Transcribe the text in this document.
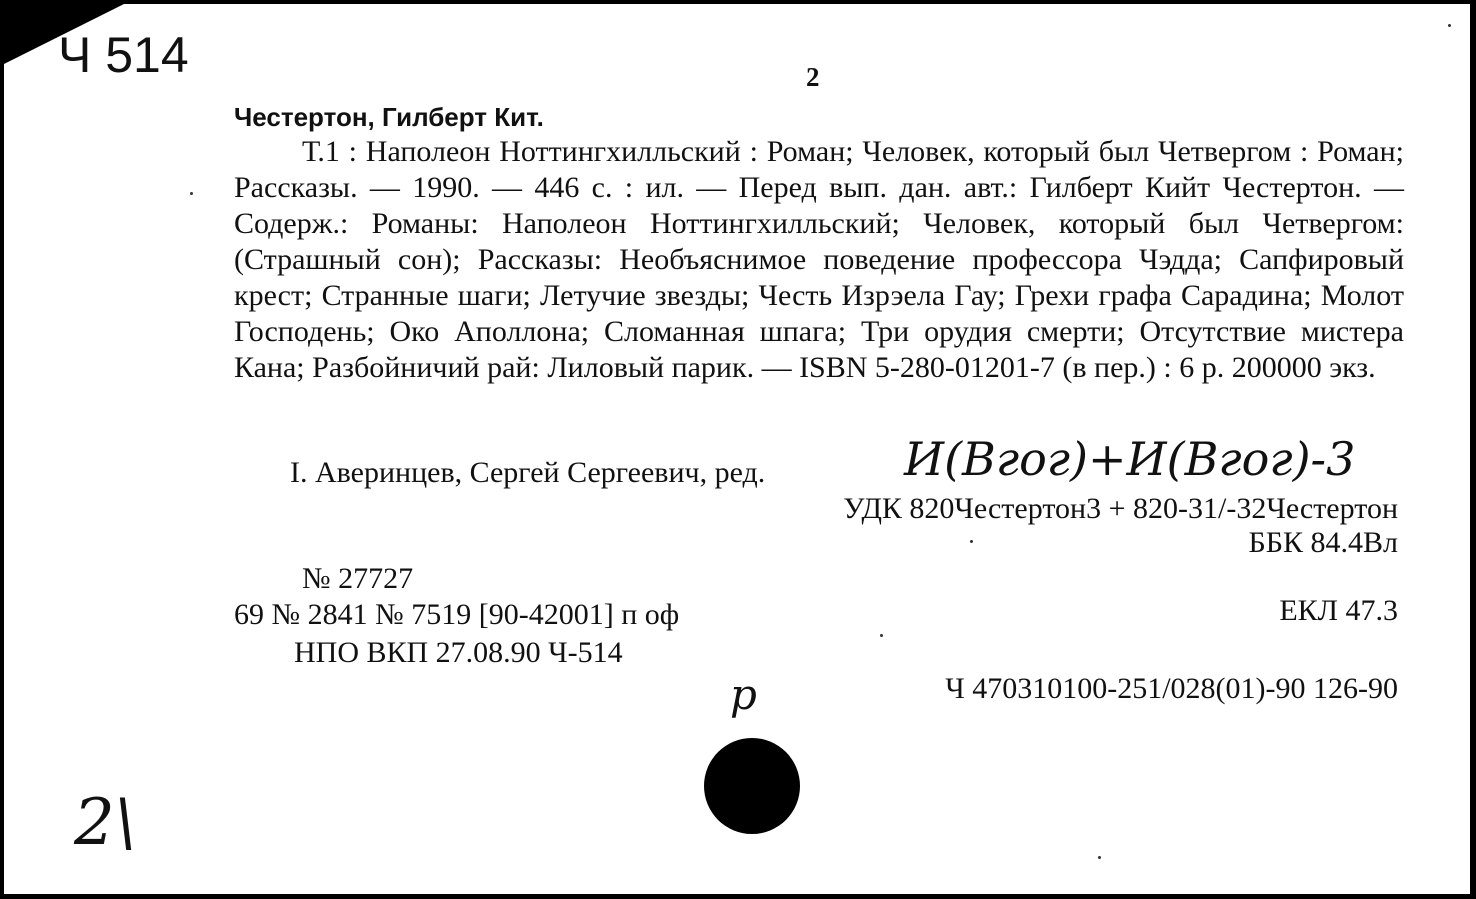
Ч 514	2
Честертон, Гилберт Кит.
Т.1 : Наполеон Ноттингхилльский : Роман; Человек, который был Четвергом : Роман; Рассказы. — 1990. — 446 с. : ил. — Перед вып. дан. авт.: Гилберт Кийт Честертон. — Содерж.: Романы: Наполеон Ноттингхилльский; Человек, который был Четвергом: (Страшный сон); Рассказы: Необъяснимое поведение профессора Чэдда; Сапфировый крест; Странные шаги; Летучие звезды; Честь Изрэела Гау; Грехи графа Сарадина; Молот Господень; Око Аполлона; Сломанная шпага; Три орудия смерти; Отсутствие мистера Кана; Разбойничий рай: Лиловый парик. — ISBN 5-280-01201-7 (в пер.) : 6 р. 200000 экз.
I. Аверинцев, Сергей Сергеевич, ред.	И(Вгог)+И(Вгог)-3
УДК 820Честертон3 + 820-31/-32Честертон
ББК 84.4Вл
№ 27727
69 № 2841 № 7519 [90-42001] п оф	ЕКЛ 47.3
НПО ВКП 27.08.90 Ч-514
р	Ч 470310100-251/028(01)-90 126-90
2\
